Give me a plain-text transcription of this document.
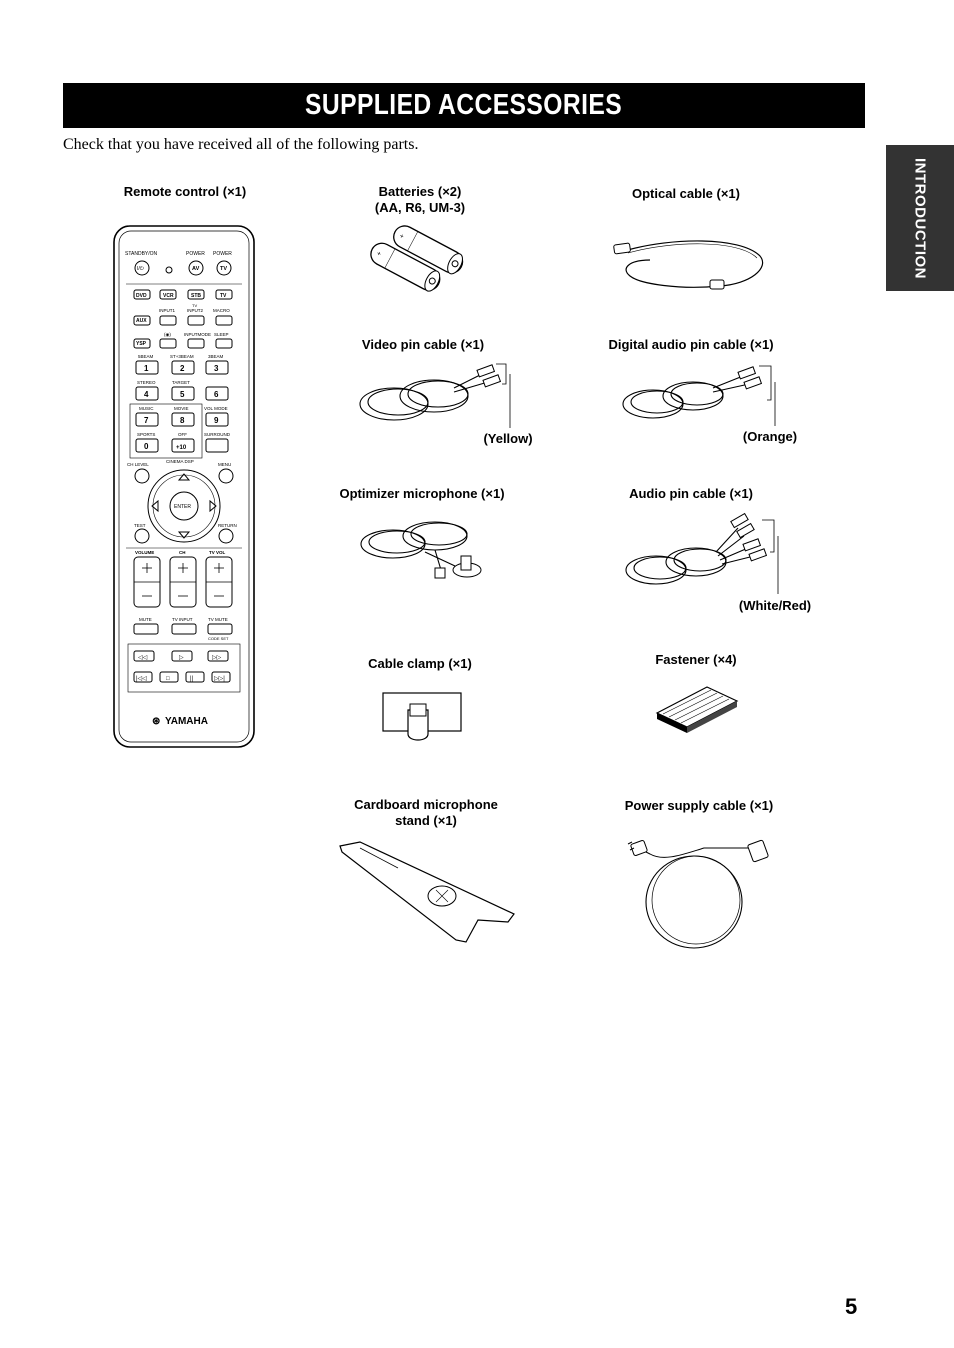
SUPPLIED ACCESSORIES
Check that you have received all of the following parts.
INTRODUCTION
Remote control (×1)	Batteries (×2)
(AA, R6, UM-3)
Optical cable (×1)
Video pin cable (×1)	Digital audio pin cable (×1)
(Yellow)	(Orange)
Optimizer microphone (×1)	Audio pin cable (×1)
(White/Red)
Cable clamp (×1)	Fastener (×4)
Cardboard microphone
stand (×1)
Power supply cable (×1)
STANDBY/ON	POWER POWER
I/⏻	AV	TV
DVD	VCR	STB	TV
TV
INPUT1	INPUT2 MACRO
AUX
(◉)	INPUTMODE SLEEP
YSP
5BEAM	ST+3BEAM	3BEAM
1	2	3
STEREO	TARGET
4	5	6
MUSIC	MOVIE	VOL MODE
7	8	9
SPORTS	OFF	SURROUND
0	+10
CINEMA DSP
CH LEVEL	MENU
ENTER
TEST	RETURN
VOLUME	CH	TV VOL
MUTE	TV INPUT	TV MUTE
CODE SET
◁◁	▷	▷▷
|◁◁	□	||	▷▷|
⊛ YAMAHA
+
+
5
